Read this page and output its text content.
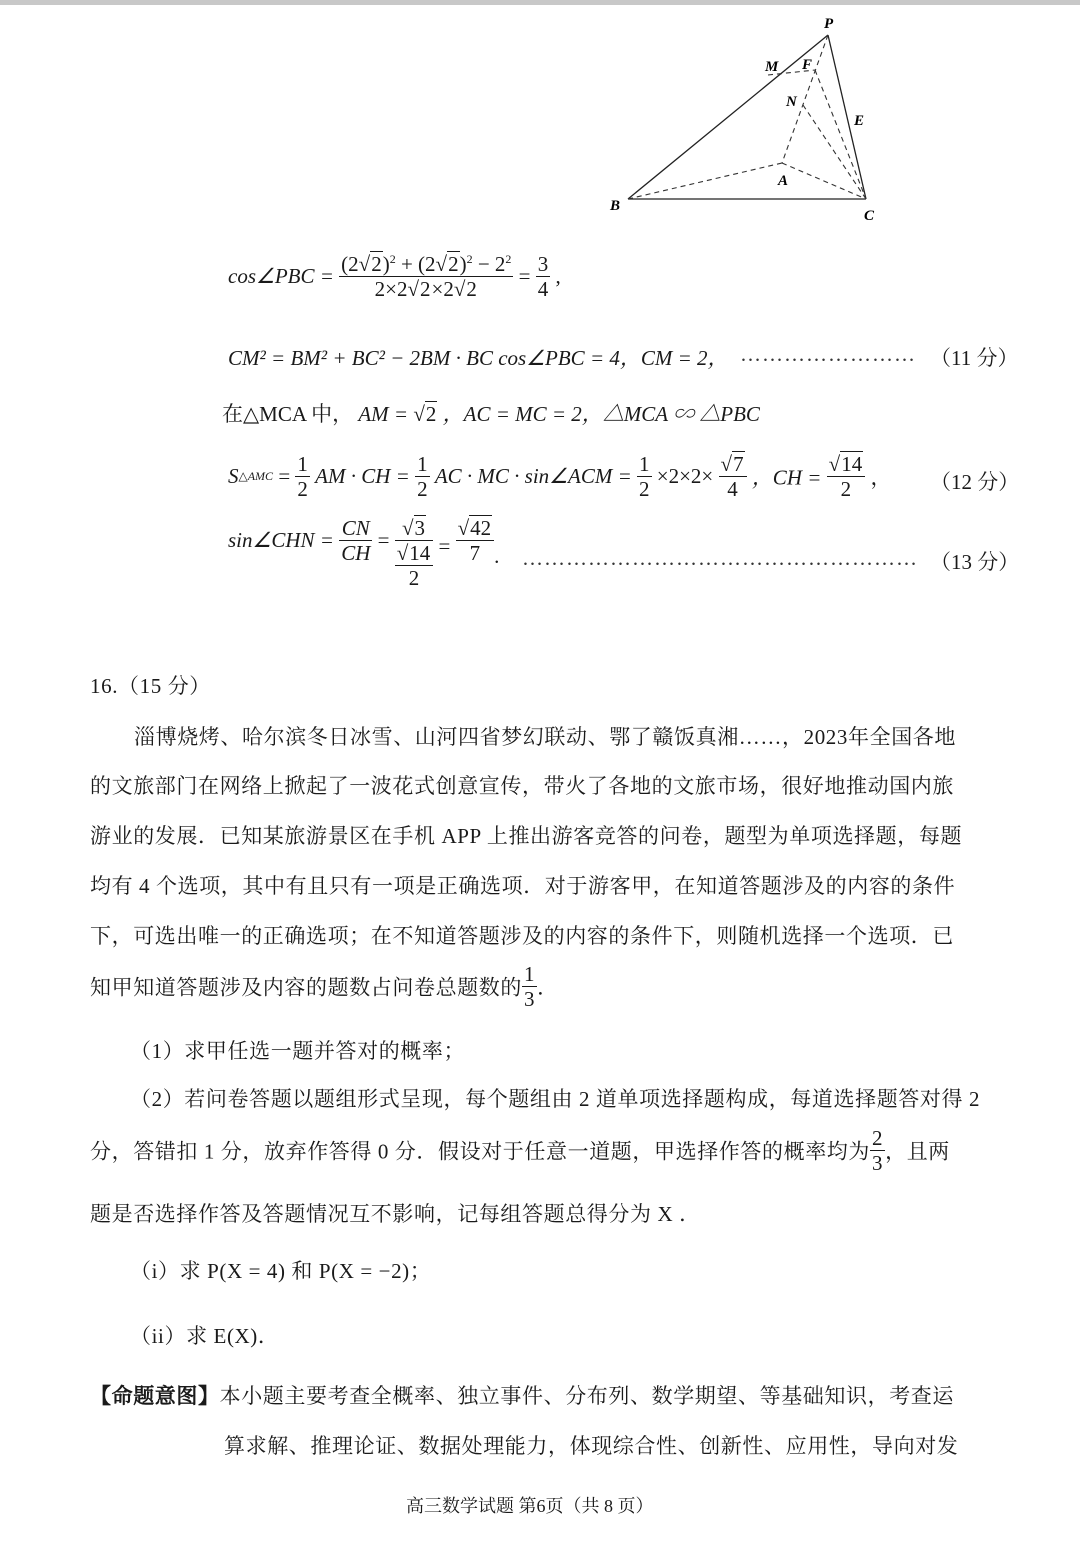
P
M F
N
E
A
B
C
cos∠PBC = $\frac{(2√2)^2 + (2√2)^2 - 2^2}{2\times 2√2\times 2√2} = \frac{3}{4}$ ,
CM² = BM² + BC² − 2BM · BC cos∠PBC = 4，CM = 2， …………………… （11 分）
在△MCA 中， AM = √2 ，AC = MC = 2，△MCA ∽ △PBC
S△AMC = $\frac{1}{2}$ AM · CH = $\frac{1}{2}$ AC · MC · sin∠ACM = $\frac{1}{2} \times 2\times 2\times \frac{√7}{4}$ ，CH = $\frac{√14}{2}$ ， （12 分）
sin∠CHN = $\frac{CN}{CH}$ =
√3
√14
2
= $\frac{√42}{7}$ . ……………………………………………… （13 分）
16.（15 分）
淄博烧烤、哈尔滨冬日冰雪、山河四省梦幻联动、鄂了赣饭真湘……，2023年全国各地
的文旅部门在网络上掀起了一波花式创意宣传，带火了各地的文旅市场，很好地推动国内旅
游业的发展．已知某旅游景区在手机 APP 上推出游客竞答的问卷，题型为单项选择题，每题
均有 4 个选项，其中有且只有一项是正确选项．对于游客甲，在知道答题涉及的内容的条件
下，可选出唯一的正确选项；在不知道答题涉及的内容的条件下，则随机选择一个选项．已
知甲知道答题涉及内容的题数占问卷总题数的 $\frac{1}{3}$ ．
（1）求甲任选一题并答对的概率；
（2）若问卷答题以题组形式呈现，每个题组由 2 道单项选择题构成，每道选择题答对得 2
分，答错扣 1 分，放弃作答得 0 分．假设对于任意一道题，甲选择作答的概率均为 $\frac{2}{3}$ ，且两
题是否选择作答及答题情况互不影响，记每组答题总得分为 X ．
（i）求 P(X = 4) 和 P(X = −2)；
（ii）求 E(X)．
【命题意图】本小题主要考查全概率、独立事件、分布列、数学期望、等基础知识，考查运
算求解、推理论证、数据处理能力，体现综合性、创新性、应用性，导向对发
高三数学试题 第6页（共 8 页）
